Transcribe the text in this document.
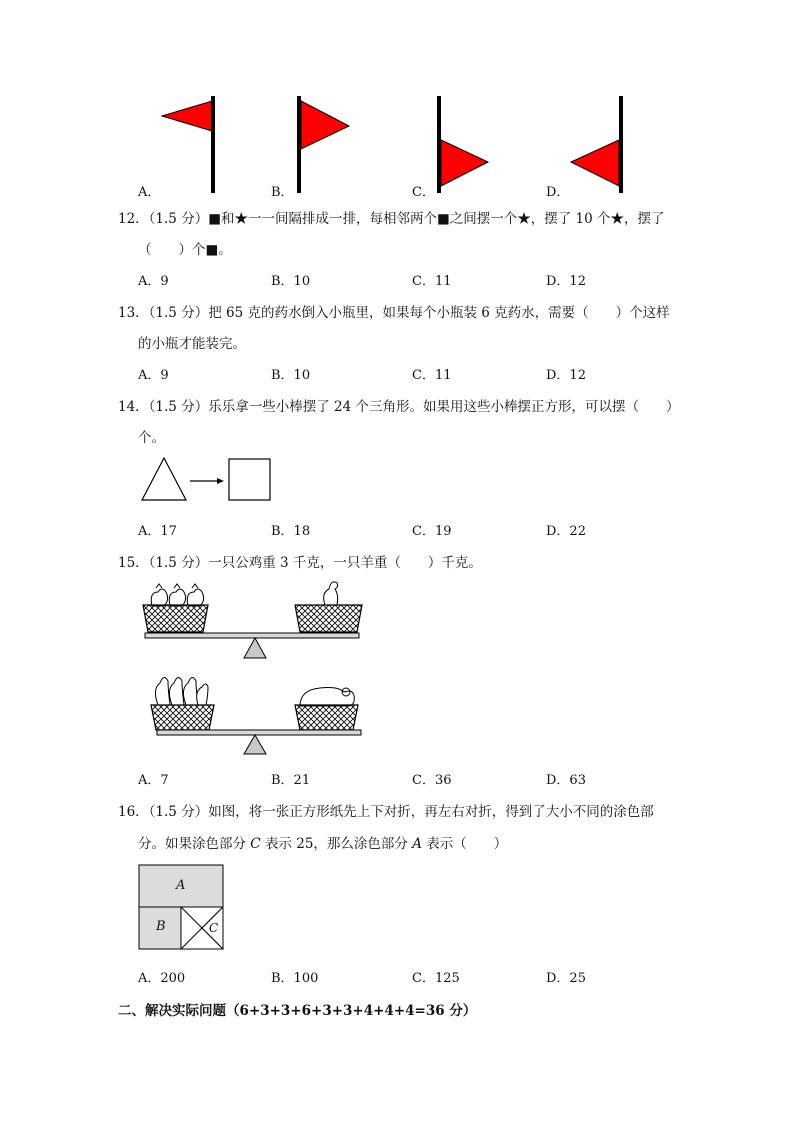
A．	B．	C．	D．
12．（1.5 分）■和★一一间隔排成一排，每相邻两个■之间摆一个★，摆了 10 个★，摆了
（　　）个■。
A．9	B．10	C．11	D．12
13．（1.5 分）把 65 克的药水倒入小瓶里，如果每个小瓶装 6 克药水，需要（　　）个这样
的小瓶才能装完。
A．9	B．10	C．11	D．12
14．（1.5 分）乐乐拿一些小棒摆了 24 个三角形。如果用这些小棒摆正方形，可以摆（　　）
个。
A．17	B．18	C．19	D．22
15．（1.5 分）一只公鸡重 3 千克，一只羊重（　　）千克。
A．7	B．21	C．36	D．63
16．（1.5 分）如图，将一张正方形纸先上下对折，再左右对折，得到了大小不同的涂色部
分。如果涂色部分 C 表示 25，那么涂色部分 A 表示（　　）
A
B	C
A．200	B．100	C．125	D．25
二、解决实际问题（6+3+3+6+3+3+4+4+4=36 分）
